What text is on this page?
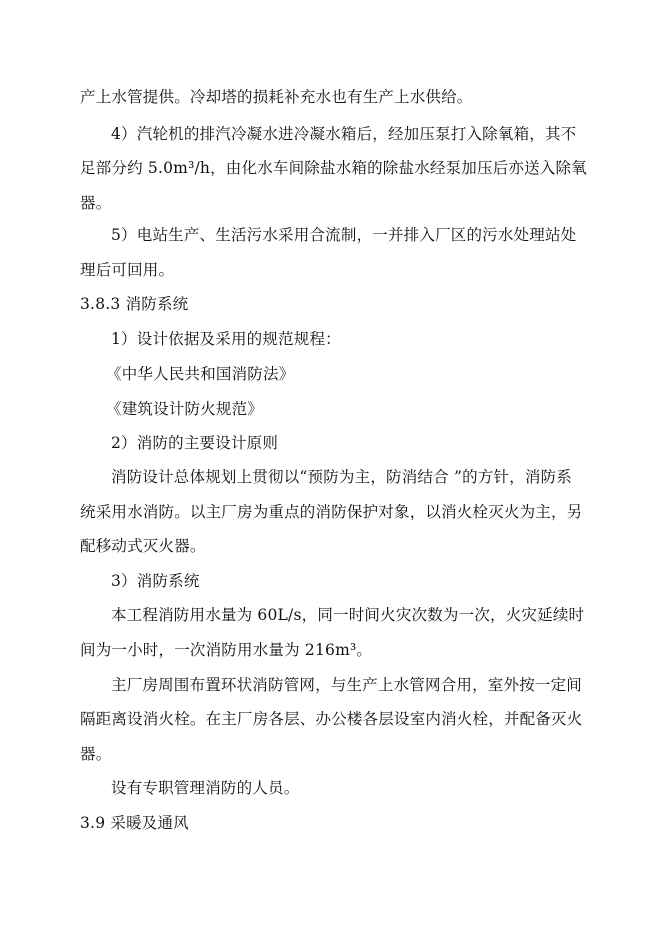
产上水管提供。冷却塔的损耗补充水也有生产上水供给。
4）汽轮机的排汽冷凝水进冷凝水箱后，经加压泵打入除氧箱，其不
足部分约 5.0m³/h，由化水车间除盐水箱的除盐水经泵加压后亦送入除氧
器。
5）电站生产、生活污水采用合流制，一并排入厂区的污水处理站处
理后可回用。
3.8.3 消防系统
1）设计依据及采用的规范规程：
《中华人民共和国消防法》
《建筑设计防火规范》
2）消防的主要设计原则
消防设计总体规划上贯彻以“预防为主，防消结合 ”的方针，消防系
统采用水消防。以主厂房为重点的消防保护对象，以消火栓灭火为主，另
配移动式灭火器。
3）消防系统
本工程消防用水量为 60L/s，同一时间火灾次数为一次，火灾延续时
间为一小时，一次消防用水量为 216m³。
主厂房周围布置环状消防管网，与生产上水管网合用，室外按一定间
隔距离设消火栓。在主厂房各层、办公楼各层设室内消火栓，并配备灭火
器。
设有专职管理消防的人员。
3.9 采暖及通风
